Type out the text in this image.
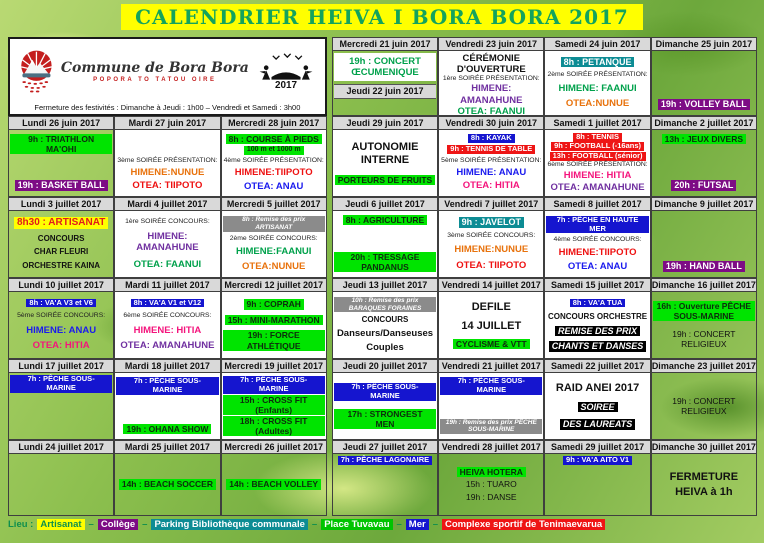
CALENDRIER HEIVA I BORA BORA 2017
Commune de Bora Bora
POPORA TO TATOU OIRE
2017
Fermeture des festivités : Dimanche à Jeudi : 1h00 – Vendredi et Samedi : 3h00
Mercredi 21 juin 2017
19h : CONCERT ŒCUMENIQUE
Jeudi 22 juin 2017
Vendredi 23 juin 2017
CÉRÉMONIE D'OUVERTURE
1ère SOIRÉE PRÉSENTATION:
HIMENE: AMANAHUNE
OTEA: FAANUI
Samedi 24 juin 2017
8h : PETANQUE
2ème SOIRÉE PRÉSENTATION:
HIMENE: FAANUI
OTEA:NUNUE
Dimanche 25 juin 2017
19h : VOLLEY BALL
Lundi 26 juin 2017
9h : TRIATHLON MA'OHI
19h : BASKET BALL
Mardi 27 juin 2017
3ème SOIRÉE PRÉSENTATION:
HIMENE:NUNUE
OTEA: TIIPOTO
Mercredi 28 juin 2017
8h : COURSE À PIEDS
100 m et 1000 m
4ème SOIRÉE PRÉSENTATION:
HIMENE:TIIPOTO
OTEA: ANAU
Jeudi 29 juin 2017
AUTONOMIE INTERNE
PORTEURS DE FRUITS
Vendredi 30 juin 2017
8h : KAYAK
9h : TENNIS DE TABLE
5ème SOIRÉE PRÉSENTATION:
HIMENE: ANAU
OTEA: HITIA
Samedi 1 juillet 2017
8h : TENNIS
9h : FOOTBALL (-16ans)
13h : FOOTBALL (sénior)
6ème SOIRÉE PRÉSENTATION:
HIMENE: HITIA
OTEA: AMANAHUNE
Dimanche 2 juillet 2017
13h : JEUX DIVERS
20h : FUTSAL
Lundi 3 juillet 2017
8h30 : ARTISANAT
CONCOURS
CHAR FLEURI
ORCHESTRE KAINA
Mardi 4 juillet 2017
1ère SOIRÉE CONCOURS:
HIMENE: AMANAHUNE
OTEA: FAANUI
Mercredi 5 juillet 2017
8h : Remise des prix ARTISANAT
2ème SOIRÉE CONCOURS:
HIMENE:FAANUI
OTEA:NUNUE
Jeudi 6 juillet 2017
8h : AGRICULTURE
20h : TRESSAGE PANDANUS
Vendredi 7 juillet 2017
9h : JAVELOT
3ème SOIRÉE CONCOURS:
HIMENE:NUNUE
OTEA: TIIPOTO
Samedi 8 juillet 2017
7h : PÊCHE EN HAUTE MER
4ème SOIRÉE CONCOURS:
HIMENE:TIIPOTO
OTEA: ANAU
Dimanche 9 juillet 2017
19h : HAND BALL
Lundi 10 juillet 2017
8h : VA'A V3 et V6
5ème SOIRÉE CONCOURS:
HIMENE: ANAU
OTEA: HITIA
Mardi 11 juillet 2017
8h : VA'A V1 et V12
6ème SOIRÉE CONCOURS:
HIMENE: HITIA
OTEA: AMANAHUNE
Mercredi 12 juillet 2017
9h : COPRAH
15h : MINI-MARATHON
19h : FORCE ATHLÉTIQUE
Jeudi 13 juillet 2017
10h : Remise des prix BARAQUES FORAINES
CONCOURS
Danseurs/Danseuses
Couples
Vendredi 14 juillet 2017
DEFILE
14 JUILLET
CYCLISME & VTT
Samedi 15 juillet 2017
8h : VA'A TUA
CONCOURS ORCHESTRE
REMISE DES PRIX
CHANTS ET DANSES
Dimanche 16 juillet 2017
16h : Ouverture PÊCHE SOUS-MARINE
19h : CONCERT RELIGIEUX
Lundi 17 juillet 2017
7h : PÊCHE SOUS-MARINE
Mardi 18 juillet 2017
7h : PÊCHE SOUS-MARINE
19h : OHANA SHOW
Mercredi 19 juillet 2017
7h : PÊCHE SOUS-MARINE
15h : CROSS FIT (Enfants)
18h : CROSS FIT (Adultes)
Jeudi 20 juillet 2017
7h : PÊCHE SOUS-MARINE
17h : STRONGEST MEN
Vendredi 21 juillet 2017
7h : PÊCHE SOUS-MARINE
19h : Remise des prix PÊCHE SOUS-MARINE
Samedi 22 juillet 2017
RAID ANEI 2017
SOIREE
DES LAUREATS
Dimanche 23 juillet 2017
19h : CONCERT RELIGIEUX
Lundi 24 juillet 2017	Mardi 25 juillet 2017
14h : BEACH SOCCER
Mercredi 26 juillet 2017
14h : BEACH VOLLEY
Jeudi 27 juillet 2017
7h : PÊCHE LAGONAIRE
Vendredi 28 juillet 2017
HEIVA HOTERA
15h : TUARO
19h : DANSE
Samedi 29 juillet 2017
9h : VA'A AITO V1
Dimanche 30 juillet 2017
FERMETURE
HEIVA à 1h
Lieu : Artisanat – Collège – Parking Bibliothèque communale – Place Tuvavau – Mer – Complexe sportif de Tenimaevarua
